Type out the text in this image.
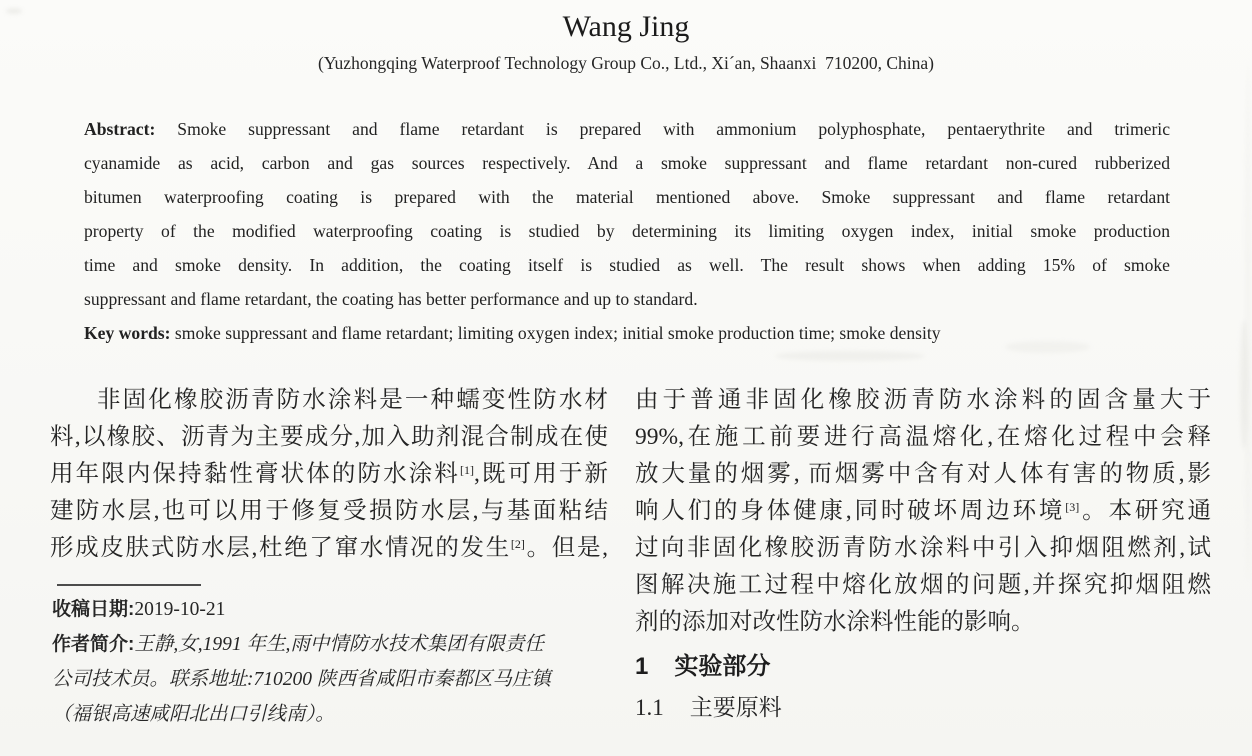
Wang Jing
(Yuzhongqing Waterproof Technology Group Co., Ltd., Xi´an, Shaanxi  710200, China)
Abstract: Smoke suppressant and flame retardant is prepared with ammonium polyphosphate, pentaerythrite and trimeric
cyanamide as acid, carbon and gas sources respectively. And a smoke suppressant and flame retardant non-cured rubberized
bitumen waterproofing coating is prepared with the material mentioned above. Smoke suppressant and flame retardant
property of the modified waterproofing coating is studied by determining its limiting oxygen index, initial smoke production
time and smoke density. In addition, the coating itself is studied as well. The result shows when adding 15% of smoke
suppressant and flame retardant, the coating has better performance and up to standard.
Key words: smoke suppressant and flame retardant; limiting oxygen index; initial smoke production time; smoke density
非固化橡胶沥青防水涂料是一种蠕变性防水材
料,以橡胶、沥青为主要成分,加入助剂混合制成在使
用年限内保持黏性膏状体的防水涂料[1],既可用于新
建防水层,也可以用于修复受损防水层,与基面粘结
形成皮肤式防水层,杜绝了窜水情况的发生[2]。但是,
由于普通非固化橡胶沥青防水涂料的固含量大于
99%,在施工前要进行高温熔化,在熔化过程中会释
放大量的烟雾, 而烟雾中含有对人体有害的物质,影
响人们的身体健康,同时破坏周边环境[3]。本研究通
过向非固化橡胶沥青防水涂料中引入抑烟阻燃剂,试
图解决施工过程中熔化放烟的问题,并探究抑烟阻燃
剂的添加对改性防水涂料性能的影响。
1 实验部分
1.1 主要原料
收稿日期:2019-10-21
作者简介:王静,女,1991 年生,雨中情防水技术集团有限责任
公司技术员。联系地址:710200 陕西省咸阳市秦都区马庄镇
（福银高速咸阳北出口引线南）。
